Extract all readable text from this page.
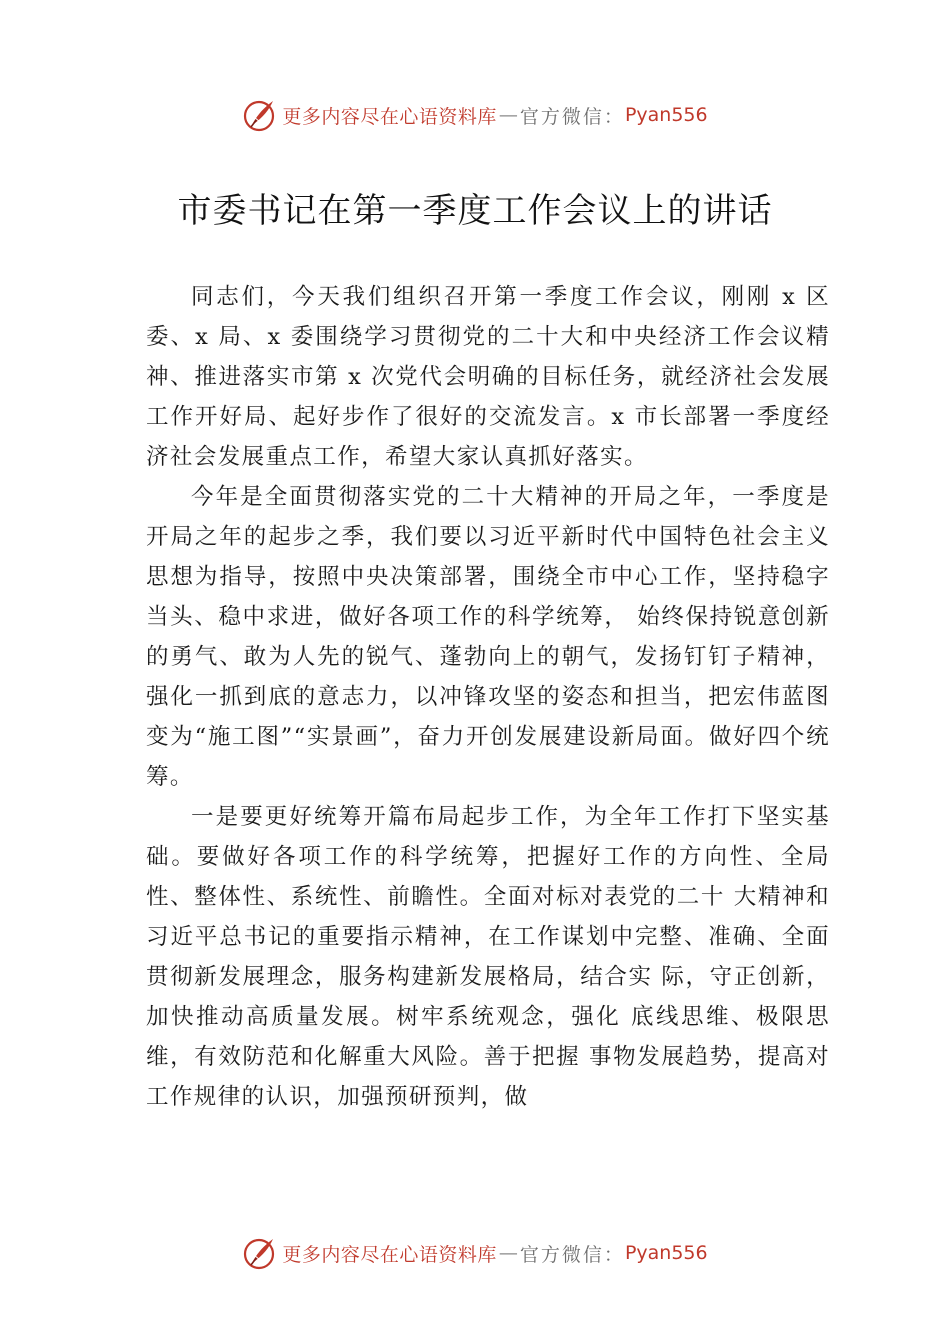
更多内容尽在心语资料库 — 官方微信： Pyan556
市委书记在第一季度工作会议上的讲话

同志们，今天我们组织召开第一季度工作会议，刚刚 x 区委、x 局、x 委围绕学习贯彻党的二十大和中央经济工作会议精神、推进落实市第 x 次党代会明确的目标任务，就经济社会发展工作开好局、起好步作了很好的交流发言。x 市长部署一季度经济社会发展重点工作，希望大家认真抓好落实。

今年是全面贯彻落实党的二十大精神的开局之年，一季度是开局之年的起步之季，我们要以习近平新时代中国特色社会主义思想为指导，按照中央决策部署，围绕全市中心工作，坚持稳字当头、稳中求进，做好各项工作的科学统筹， 始终保持锐意创新的勇气、敢为人先的锐气、蓬勃向上的朝气，发扬钉钉子精神，强化一抓到底的意志力，以冲锋攻坚的姿态和担当，把宏伟蓝图变为“施工图”“实景画”，奋力开创发展建设新局面。做好四个统筹。

一是要更好统筹开篇布局起步工作，为全年工作打下坚实基础。要做好各项工作的科学统筹，把握好工作的方向性、全局性、整体性、系统性、前瞻性。全面对标对表党的二十 大精神和习近平总书记的重要指示精神，在工作谋划中完整、准确、全面贯彻新发展理念，服务构建新发展格局，结合实 际，守正创新，加快推动高质量发展。树牢系统观念，强化 底线思维、极限思维，有效防范和化解重大风险。善于把握 事物发展趋势，提高对工作规律的认识，加强预研预判，做

更多内容尽在心语资料库 — 官方微信： Pyan556
